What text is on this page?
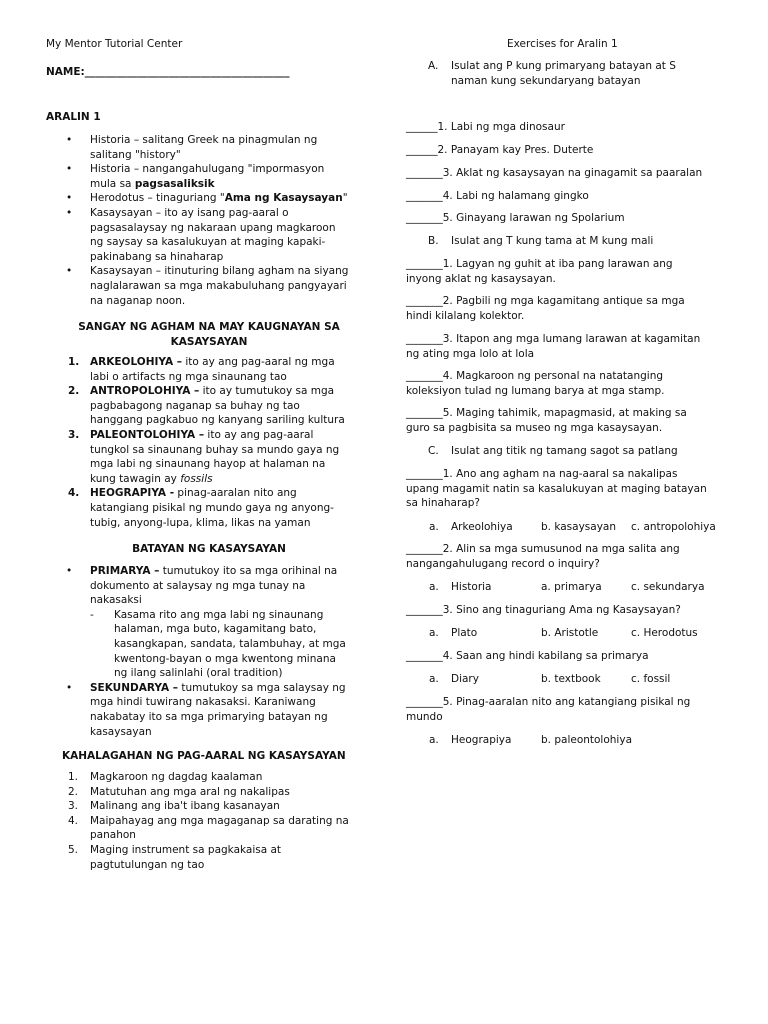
My Mentor Tutorial Center	Exercises for Aralin 1
NAME:_______________________________________
ARALIN 1
• Historia – salitang Greek na pinagmulan ng
salitang "history"
• Historia – nangangahulugang "impormasyon
mula sa pagsasaliksik
• Herodotus – tinaguriang "Ama ng Kasaysayan"
• Kasaysayan – ito ay isang pag-aaral o
pagsasalaysay ng nakaraan upang magkaroon
ng saysay sa kasalukuyan at maging kapaki-
pakinabang sa hinaharap
• Kasaysayan – itinuturing bilang agham na siyang
naglalarawan sa mga makabuluhang pangyayari
na naganap noon.
SANGAY NG AGHAM NA MAY KAUGNAYAN SA
KASAYSAYAN
1. ARKEOLOHIYA – ito ay ang pag-aaral ng mga
labi o artifacts ng mga sinaunang tao
2. ANTROPOLOHIYA – ito ay tumutukoy sa mga
pagbabagong naganap sa buhay ng tao
hanggang pagkabuo ng kanyang sariling kultura
3. PALEONTOLOHIYA – ito ay ang pag-aaral
tungkol sa sinaunang buhay sa mundo gaya ng
mga labi ng sinaunang hayop at halaman na
kung tawagin ay fossils
4. HEOGRAPIYA - pinag-aaralan nito ang
katangiang pisikal ng mundo gaya ng anyong-
tubig, anyong-lupa, klima, likas na yaman
BATAYAN NG KASAYSAYAN
• PRIMARYA – tumutukoy ito sa mga orihinal na
dokumento at salaysay ng mga tunay na
nakasaksi
- Kasama rito ang mga labi ng sinaunang
halaman, mga buto, kagamitang bato,
kasangkapan, sandata, talambuhay, at mga
kwentong-bayan o mga kwentong minana
ng ilang salinlahi (oral tradition)
• SEKUNDARYA – tumutukoy sa mga salaysay ng
mga hindi tuwirang nakasaksi. Karaniwang
nakabatay ito sa mga primarying batayan ng
kasaysayan
KAHALAGAHAN NG PAG-AARAL NG KASAYSAYAN
1. Magkaroon ng dagdag kaalaman
2. Matutuhan ang mga aral ng nakalipas
3. Malinang ang iba't ibang kasanayan
4. Maipahayag ang mga magaganap sa darating na
panahon
5. Maging instrument sa pagkakaisa at
pagtutulungan ng tao
A. Isulat ang P kung primaryang batayan at S
naman kung sekundaryang batayan
______1. Labi ng mga dinosaur
______2. Panayam kay Pres. Duterte
_______3. Aklat ng kasaysayan na ginagamit sa paaralan
_______4. Labi ng halamang gingko
_______5. Ginayang larawan ng Spolarium
B. Isulat ang T kung tama at M kung mali
_______1. Lagyan ng guhit at iba pang larawan ang
inyong aklat ng kasaysayan.
_______2. Pagbili ng mga kagamitang antique sa mga
hindi kilalang kolektor.
_______3. Itapon ang mga lumang larawan at kagamitan
ng ating mga lolo at lola
_______4. Magkaroon ng personal na natatanging
koleksiyon tulad ng lumang barya at mga stamp.
_______5. Maging tahimik, mapagmasid, at making sa
guro sa pagbisita sa museo ng mga kasaysayan.
C. Isulat ang titik ng tamang sagot sa patlang
_______1. Ano ang agham na nag-aaral sa nakalipas
upang magamit natin sa kasalukuyan at maging batayan
sa hinaharap?
a. Arkeolohiya	b. kasaysayan c. antropolohiya
_______2. Alin sa mga sumusunod na mga salita ang
nangangahulugang record o inquiry?
a. Historia	a. primarya	c. sekundarya
_______3. Sino ang tinaguriang Ama ng Kasaysayan?
a. Plato	b. Aristotle	c. Herodotus
_______4. Saan ang hindi kabilang sa primarya
a. Diary	b. textbook	c. fossil
_______5. Pinag-aaralan nito ang katangiang pisikal ng
mundo
a. Heograpiya	b. paleontolohiya
